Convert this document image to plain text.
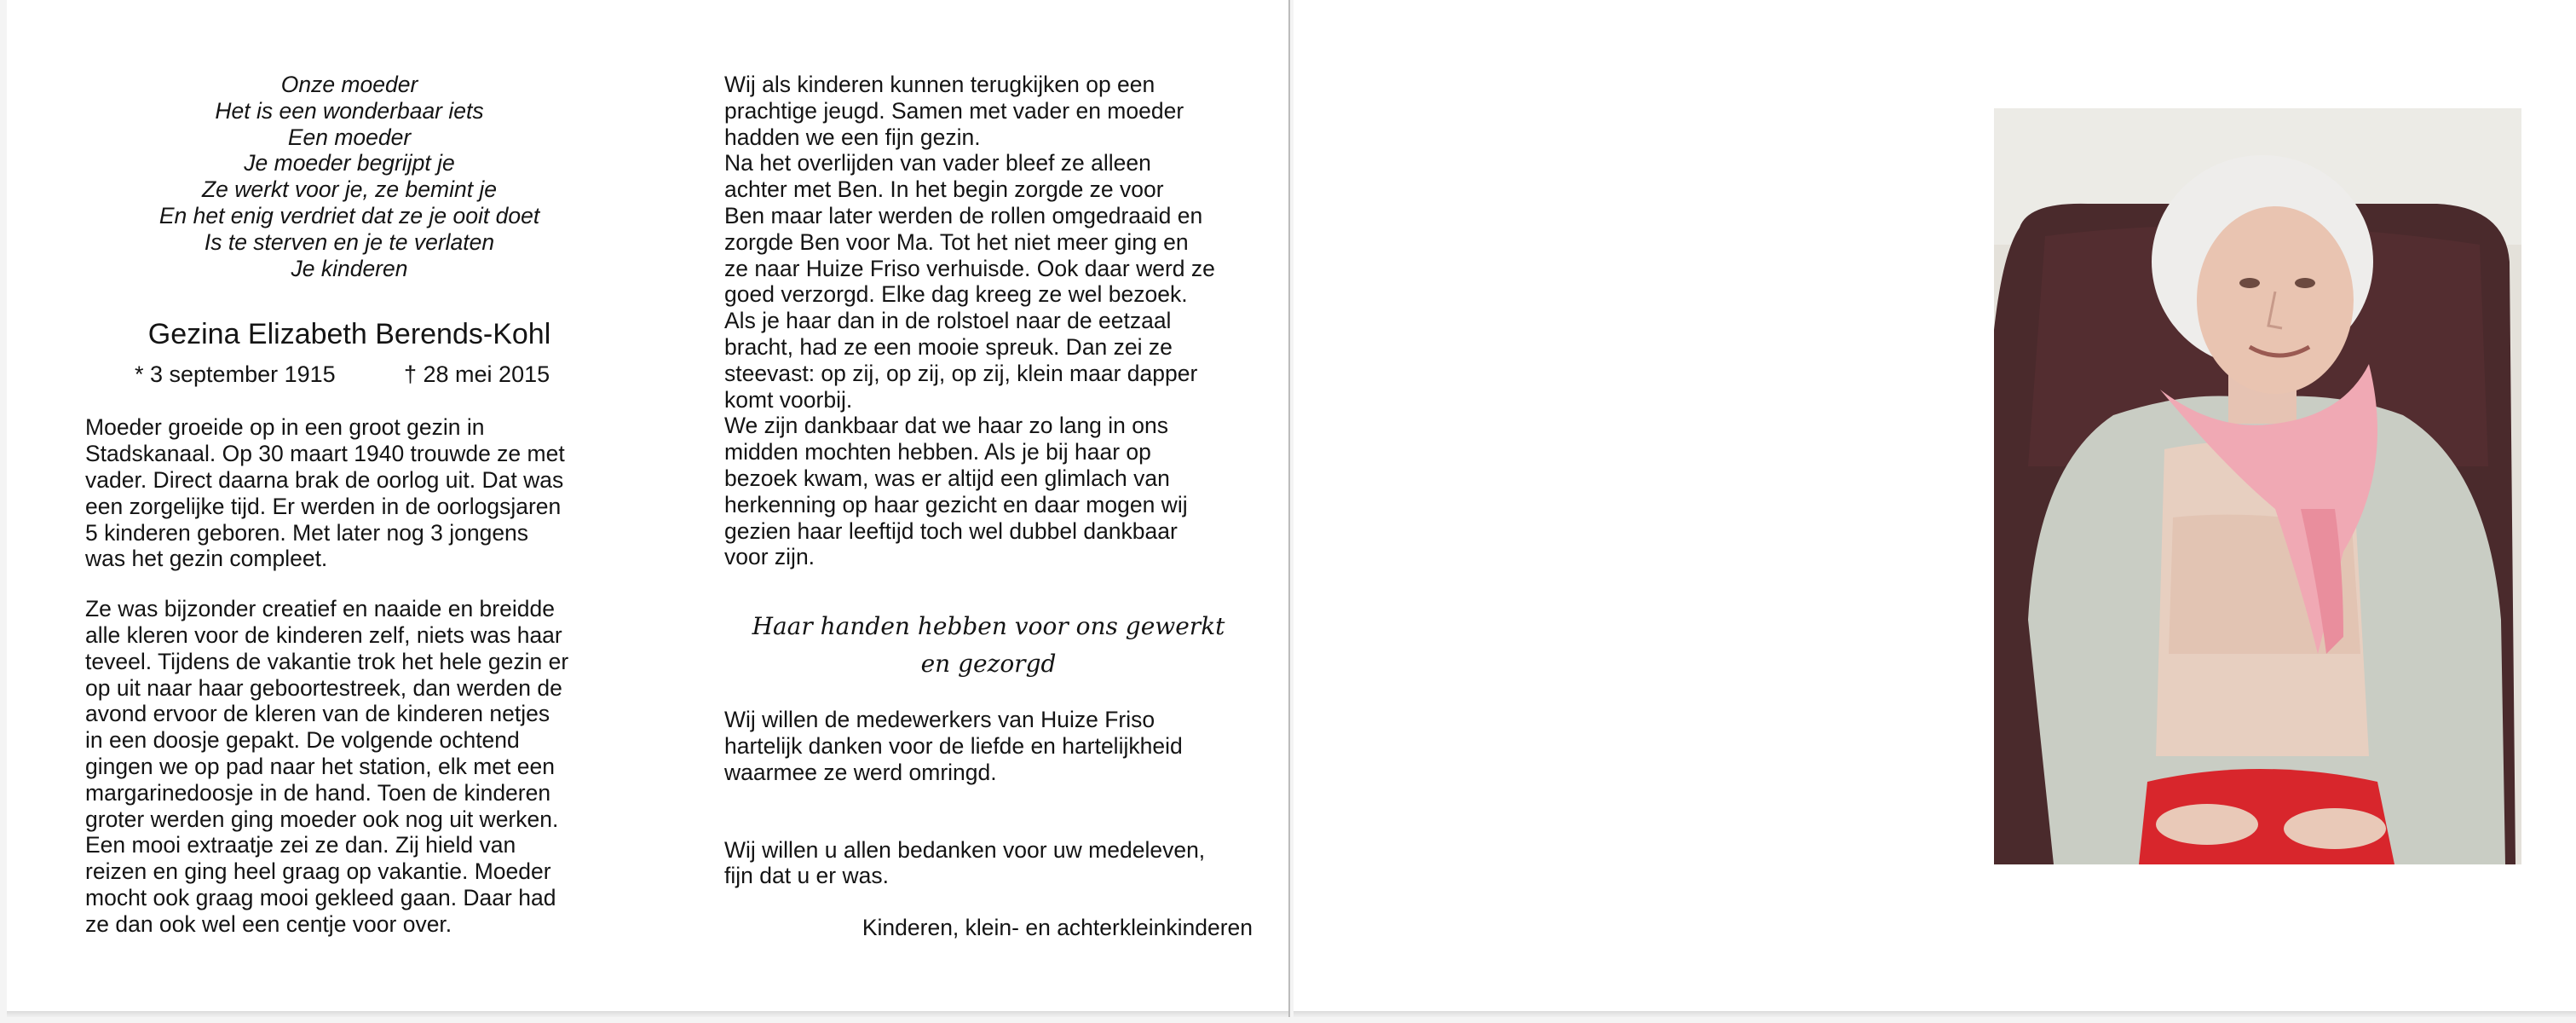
Onze moeder
Het is een wonderbaar iets
Een moeder
Je moeder begrijpt je
Ze werkt voor je, ze bemint je
En het enig verdriet dat ze je ooit doet
Is te sterven en je te verlaten
Je kinderen
Gezina Elizabeth Berends-Kohl
* 3 september 1915	† 28 mei 2015
Moeder groeide op in een groot gezin in
Stadskanaal. Op 30 maart 1940 trouwde ze met
vader. Direct daarna brak de oorlog uit. Dat was
een zorgelijke tijd. Er werden in de oorlogsjaren
5 kinderen geboren. Met later nog 3 jongens
was het gezin compleet.
Ze was bijzonder creatief en naaide en breidde
alle kleren voor de kinderen zelf, niets was haar
teveel. Tijdens de vakantie trok het hele gezin er
op uit naar haar geboortestreek, dan werden de
avond ervoor de kleren van de kinderen netjes
in een doosje gepakt. De volgende ochtend
gingen we op pad naar het station, elk met een
margarinedoosje in de hand. Toen de kinderen
groter werden ging moeder ook nog uit werken.
Een mooi extraatje zei ze dan. Zij hield van
reizen en ging heel graag op vakantie. Moeder
mocht ook graag mooi gekleed gaan. Daar had
ze dan ook wel een centje voor over.
Wij als kinderen kunnen terugkijken op een
prachtige jeugd. Samen met vader en moeder
hadden we een fijn gezin.
Na het overlijden van vader bleef ze alleen
achter met Ben. In het begin zorgde ze voor
Ben maar later werden de rollen omgedraaid en
zorgde Ben voor Ma. Tot het niet meer ging en
ze naar Huize Friso verhuisde. Ook daar werd ze
goed verzorgd. Elke dag kreeg ze wel bezoek.
Als je haar dan in de rolstoel naar de eetzaal
bracht, had ze een mooie spreuk. Dan zei ze
steevast: op zij, op zij, op zij, klein maar dapper
komt voorbij.
We zijn dankbaar dat we haar zo lang in ons
midden mochten hebben. Als je bij haar op
bezoek kwam, was er altijd een glimlach van
herkenning op haar gezicht en daar mogen wij
gezien haar leeftijd toch wel dubbel dankbaar
voor zijn.
Haar handen hebben voor ons gewerkt
en gezorgd
Wij willen de medewerkers van Huize Friso
hartelijk danken voor de liefde en hartelijkheid
waarmee ze werd omringd.
Wij willen u allen bedanken voor uw medeleven,
fijn dat u er was.
Kinderen, klein- en achterkleinkinderen
